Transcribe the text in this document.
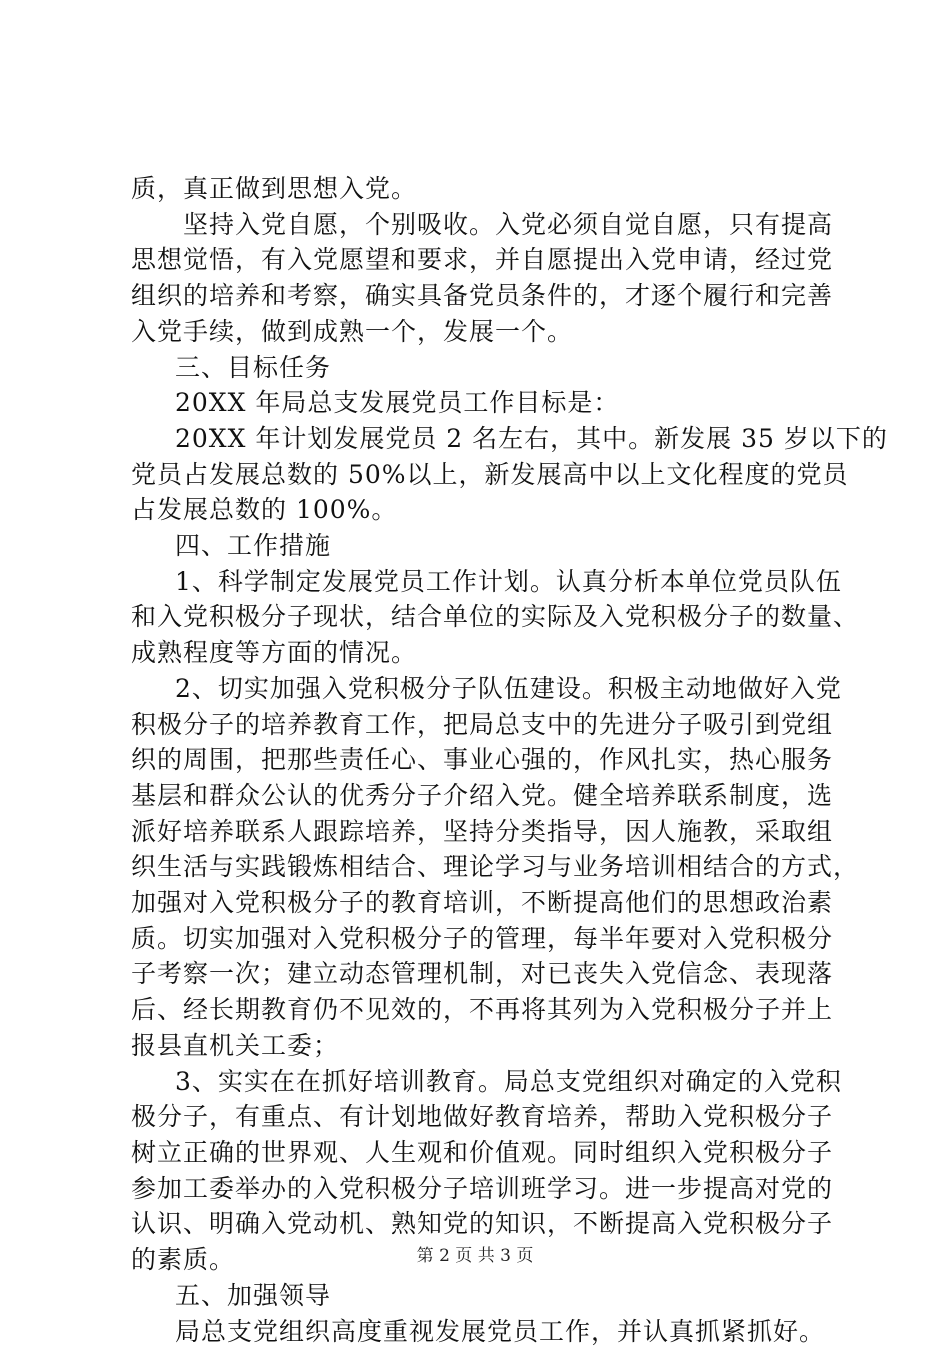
质，真正做到思想入党。

坚持入党自愿，个别吸收。入党必须自觉自愿，只有提高

思想觉悟，有入党愿望和要求，并自愿提出入党申请，经过党

组织的培养和考察，确实具备党员条件的，才逐个履行和完善

入党手续，做到成熟一个，发展一个。

三、目标任务

20XX 年局总支发展党员工作目标是：

20XX 年计划发展党员 2 名左右，其中。新发展 35 岁以下的

党员占发展总数的 50%以上，新发展高中以上文化程度的党员

占发展总数的 100%。

四、工作措施

1、科学制定发展党员工作计划。认真分析本单位党员队伍

和入党积极分子现状，结合单位的实际及入党积极分子的数量、

成熟程度等方面的情况。

2、切实加强入党积极分子队伍建设。积极主动地做好入党

积极分子的培养教育工作，把局总支中的先进分子吸引到党组

织的周围，把那些责任心、事业心强的，作风扎实，热心服务

基层和群众公认的优秀分子介绍入党。健全培养联系制度，选

派好培养联系人跟踪培养，坚持分类指导，因人施教，采取组

织生活与实践锻炼相结合、理论学习与业务培训相结合的方式，

加强对入党积极分子的教育培训，不断提高他们的思想政治素

质。切实加强对入党积极分子的管理，每半年要对入党积极分

子考察一次；建立动态管理机制，对已丧失入党信念、表现落

后、经长期教育仍不见效的，不再将其列为入党积极分子并上

报县直机关工委；

3、实实在在抓好培训教育。局总支党组织对确定的入党积

极分子，有重点、有计划地做好教育培养，帮助入党积极分子

树立正确的世界观、人生观和价值观。同时组织入党积极分子

参加工委举办的入党积极分子培训班学习。进一步提高对党的

认识、明确入党动机、熟知党的知识，不断提高入党积极分子

的素质。

五、加强领导

局总支党组织高度重视发展党员工作，并认真抓紧抓好。

第 2 页 共 3 页
